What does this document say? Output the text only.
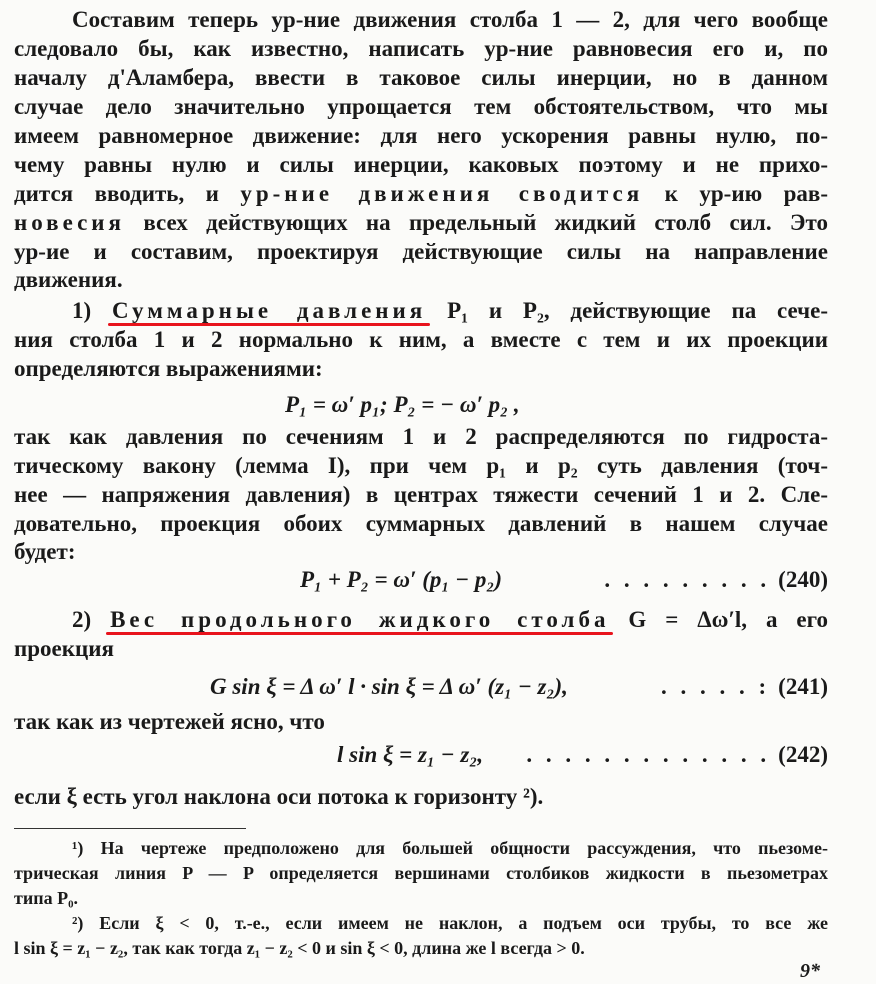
Составим теперь ур-ние движения столба 1 — 2, для чего вообще
следовало бы, как известно, написать ур-ние равновесия его и, по
началу д'Аламбера, ввести в таковое силы инерции, но в данном
случае дело значительно упрощается тем обстоятельством, что мы
имеем равномерное движение: для него ускорения равны нулю, по-
чему равны нулю и силы инерции, каковых поэтому и не прихо-
дится вводить, и ур-ние движения сводится к ур-ию рав-
новесия всех действующих на предельный жидкий столб сил. Это
ур-ие и составим, проектируя действующие силы на направление
движения.
1) Суммарные давления P₁ и P₂, действующие па сече-
ния столба 1 и 2 нормально к ним, а вместе с тем и их проекции
определяются выражениями:
P₁ = ω′ p₁; P₂ = − ω′ p₂ ,
так как давления по сечениям 1 и 2 распределяются по гидроста-
тическому вакону (лемма I), при чем p₁ и p₂ суть давления (точ-
нее — напряжения давления) в центрах тяжести сечений 1 и 2. Сле-
довательно, проекция обоих суммарных давлений в нашем случае
будет:
P₁ + P₂ = ω′ (p₁ − p₂)	. . . . . . . . . (240)
2) Вес продольного жидкого столба G = Δω′l, а его
проекция
G sin ξ = Δ ω′ l · sin ξ = Δ ω′ (z₁ − z₂),	. . . . . : (241)
так как из чертежей ясно, что
l sin ξ = z₁ − z₂, . . . . . . . . . . . . . (242)
если ξ есть угол наклона оси потока к горизонту ²).
¹) На чертеже предположено для большей общности рассуждения, что пьезоме-
трическая линия P — P определяется вершинами столбиков жидкости в пьезометрах
типа P₀.
²) Если ξ < 0, т.-е., если имеем не наклон, а подъем оси трубы, то все же
l sin ξ = z₁ − z₂, так как тогда z₁ − z₂ < 0 и sin ξ < 0, длина же l всегда > 0.
9*
